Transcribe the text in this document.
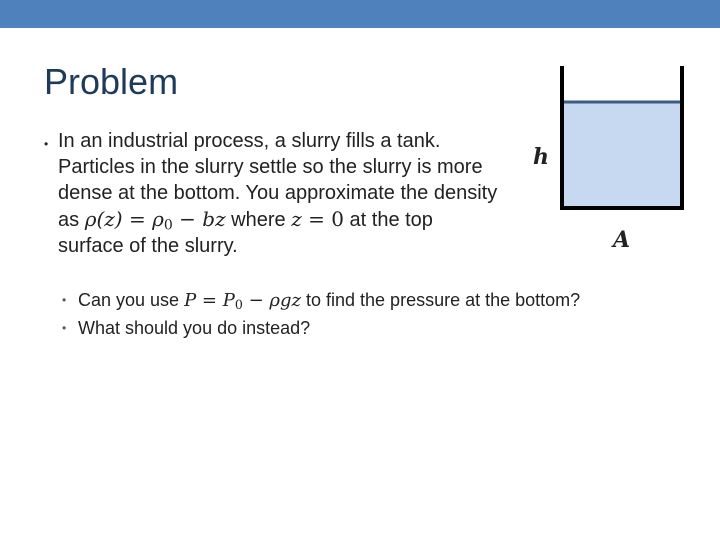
Problem
• In an industrial process, a slurry fills a tank. Particles in the slurry settle so the slurry is more dense at the bottom. You approximate the density as $\rho(z) = \rho_0$ − bz where z = 0 at the top surface of the slurry.
• Can you use $P = P_0 - \rho gz$ to find the pressure at the bottom?
• What should you do instead?
h
A
